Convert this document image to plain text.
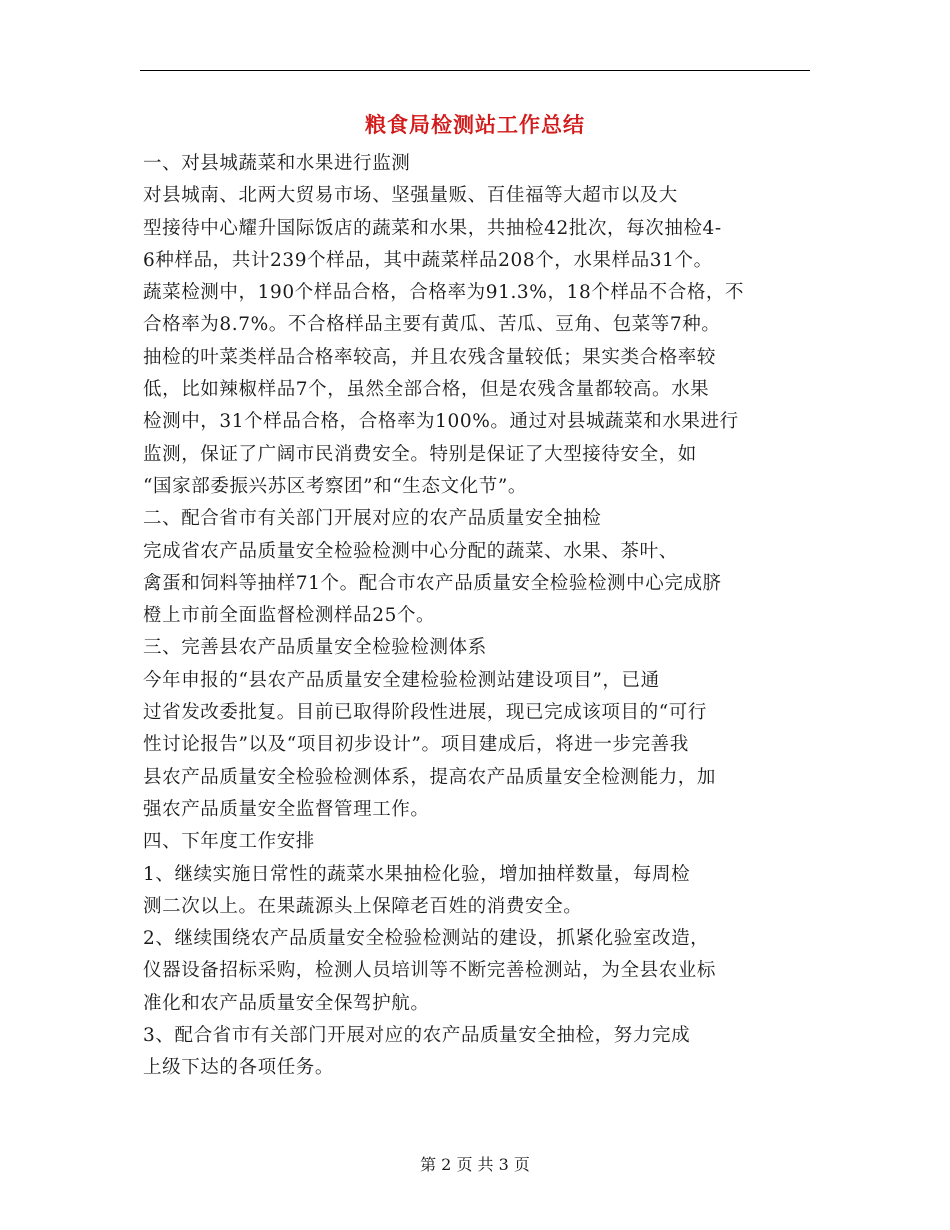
粮食局检测站工作总结

一、对县城蔬菜和水果进行监测

对县城南、北两大贸易市场、坚强量贩、百佳福等大超市以及大

型接待中心耀升国际饭店的蔬菜和水果，共抽检42批次，每次抽检4-

6种样品，共计239个样品，其中蔬菜样品208个，水果样品31个。

蔬菜检测中，190个样品合格，合格率为91.3%，18个样品不合格，不

合格率为8.7%。不合格样品主要有黄瓜、苦瓜、豆角、包菜等7种。

抽检的叶菜类样品合格率较高，并且农残含量较低；果实类合格率较

低，比如辣椒样品7个，虽然全部合格，但是农残含量都较高。水果

检测中，31个样品合格，合格率为100%。通过对县城蔬菜和水果进行

监测，保证了广阔市民消费安全。特别是保证了大型接待安全，如

“国家部委振兴苏区考察团”和“生态文化节”。

二、配合省市有关部门开展对应的农产品质量安全抽检

完成省农产品质量安全检验检测中心分配的蔬菜、水果、茶叶、

禽蛋和饲料等抽样71个。配合市农产品质量安全检验检测中心完成脐

橙上市前全面监督检测样品25个。

三、完善县农产品质量安全检验检测体系

今年申报的“县农产品质量安全建检验检测站建设项目”，已通

过省发改委批复。目前已取得阶段性进展，现已完成该项目的“可行

性讨论报告”以及“项目初步设计”。项目建成后，将进一步完善我

县农产品质量安全检验检测体系，提高农产品质量安全检测能力，加

强农产品质量安全监督管理工作。

四、下年度工作安排

1、继续实施日常性的蔬菜水果抽检化验，增加抽样数量，每周检

测二次以上。在果蔬源头上保障老百姓的消费安全。

2、继续围绕农产品质量安全检验检测站的建设，抓紧化验室改造，

仪器设备招标采购，检测人员培训等不断完善检测站，为全县农业标

准化和农产品质量安全保驾护航。

3、配合省市有关部门开展对应的农产品质量安全抽检，努力完成

上级下达的各项任务。

第 2 页 共 3 页
